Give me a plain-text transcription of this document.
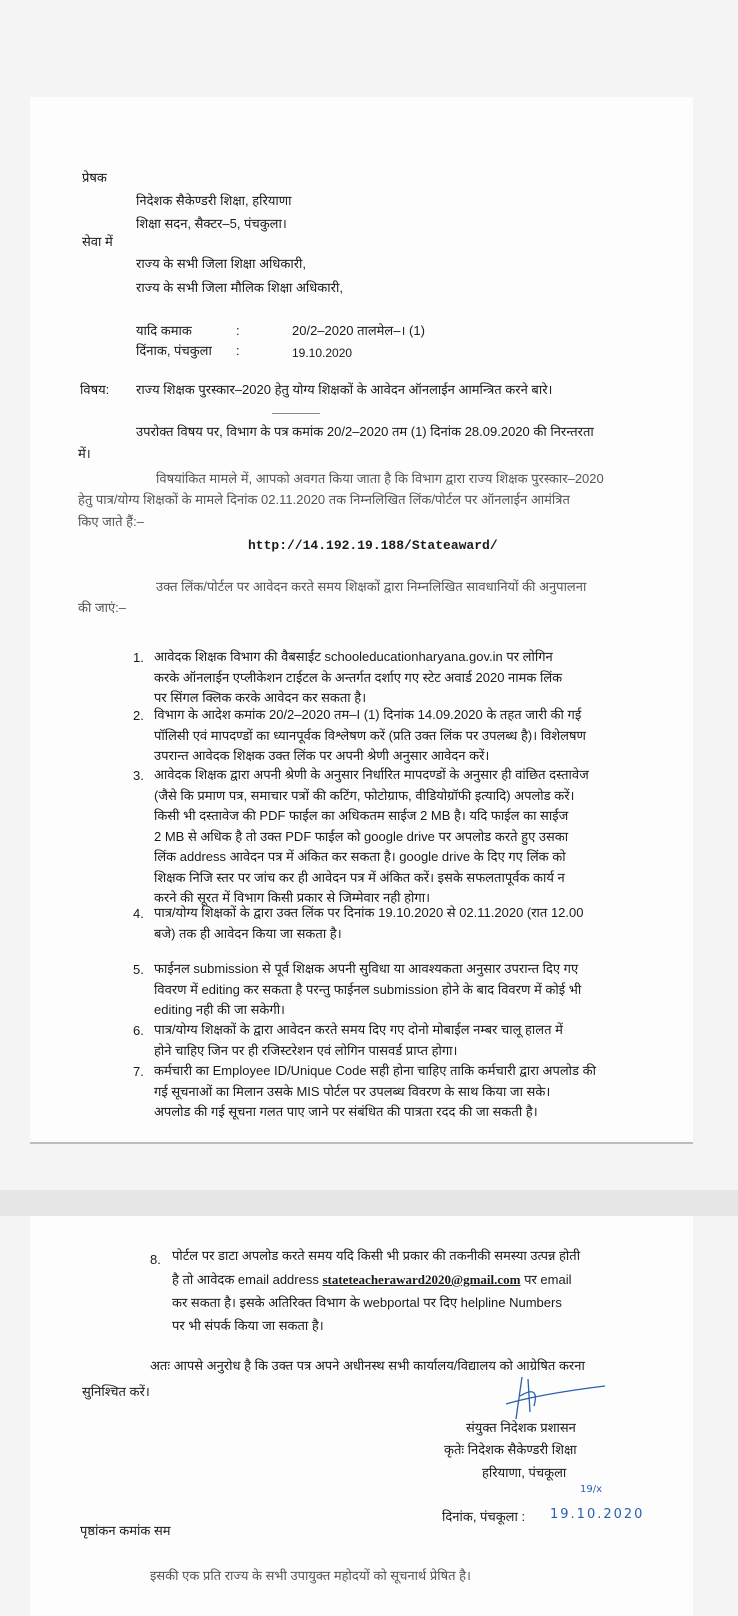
प्रेषक
निदेशक सैकेण्डरी शिक्षा, हरियाणा
शिक्षा सदन, सैक्टर–5, पंचकुला।
सेवा में
राज्य के सभी जिला शिक्षा अधिकारी,
राज्य के सभी जिला मौलिक शिक्षा अधिकारी,
यादि कमाक	:	20/2–2020 तालमेल–। (1)
दिंनाक, पंचकुला :	19.10.2020
विषय: राज्य शिक्षक पुरस्कार–2020 हेतु योग्य शिक्षकों के आवेदन ऑनलाईन आमन्त्रित करने बारे।
उपरोक्त विषय पर, विभाग के पत्र कमांक 20/2–2020 तम (1) दिनांक 28.09.2020 की निरन्तरता
में।
विषयांकित मामले में, आपको अवगत किया जाता है कि विभाग द्वारा राज्य शिक्षक पुरस्कार–2020
हेतु पात्र/योग्य शिक्षकों के मामले दिनांक 02.11.2020 तक निम्नलिखित लिंक/पोर्टल पर ऑनलाईन आमंत्रित
किए जाते हैं:–
http://14.192.19.188/Stateaward/
उक्त लिंक/पोर्टल पर आवेदन करते समय शिक्षकों द्वारा निम्नलिखित सावधानियों की अनुपालना
की जाएं:–
1. आवेदक शिक्षक विभाग की वैबसाईट schooleducationharyana.gov.in पर लोगिन
करके ऑनलाईन एप्लीकेशन टाईटल के अन्तर्गत दर्शाए गए स्टेट अवार्ड 2020 नामक लिंक
पर सिंगल क्लिक करके आवेदन कर सकता है।
2. विभाग के आदेश कमांक 20/2–2020 तम–I (1) दिनांक 14.09.2020 के तहत जारी की गई
पॉलिसी एवं मापदण्डों का ध्यानपूर्वक विश्लेषण करें (प्रति उक्त लिंक पर उपलब्ध है)। विशेलषण
उपरान्त आवेदक शिक्षक उक्त लिंक पर अपनी श्रेणी अनुसार आवेदन करें।
3. आवेदक शिक्षक द्वारा अपनी श्रेणी के अनुसार निर्धारित मापदण्डों के अनुसार ही वांछित दस्तावेज
(जैसे कि प्रमाण पत्र, समाचार पत्रों की कटिंग, फोटोग्राफ, वीडियोग्रॉफी इत्यादि) अपलोड करें।
किसी भी दस्तावेज की PDF फाईल का अधिकतम साईज 2 MB है। यदि फाईल का साईज
2 MB से अधिक है तो उक्त PDF फाईल को google drive पर अपलोड करते हुए उसका
लिंक address आवेदन पत्र में अंकित कर सकता है। google drive के दिए गए लिंक को
शिक्षक निजि स्तर पर जांच कर ही आवेदन पत्र में अंकित करें। इसके सफलतापूर्वक कार्य न
करने की सूरत में विभाग किसी प्रकार से जिम्मेवार नही होगा।
4. पात्र/योग्य शिक्षकों के द्वारा उक्त लिंक पर दिनांक 19.10.2020 से 02.11.2020 (रात 12.00
बजे) तक ही आवेदन किया जा सकता है।
5. फाईनल submission से पूर्व शिक्षक अपनी सुविधा या आवश्यकता अनुसार उपरान्त दिए गए
विवरण में editing कर सकता है परन्तु फाईनल submission होने के बाद विवरण में कोई भी
editing नही की जा सकेगी।
6. पात्र/योग्य शिक्षकों के द्वारा आवेदन करते समय दिए गए दोनो मोबाईल नम्बर चालू हालत में
होने चाहिए जिन पर ही रजिस्टरेशन एवं लोगिन पासवर्ड प्राप्त होगा।
7. कर्मचारी का Employee ID/Unique Code सही होना चाहिए ताकि कर्मचारी द्वारा अपलोड की
गई सूचनाओं का मिलान उसके MIS पोर्टल पर उपलब्ध विवरण के साथ किया जा सके।
अपलोड की गई सूचना गलत पाए जाने पर संबंधित की पात्रता रदद की जा सकती है।
8. पोर्टल पर डाटा अपलोड करते समय यदि किसी भी प्रकार की तकनीकी समस्या उत्पन्न होती
है तो आवेदक email address stateteacheraward2020@gmail.com पर email
कर सकता है। इसके अतिरिक्त विभाग के webportal पर दिए helpline Numbers
पर भी संपर्क किया जा सकता है।
अतः आपसे अनुरोध है कि उक्त पत्र अपने अधीनस्थ सभी कार्यालय/विद्यालय को आग्रेषित करना
सुनिश्चित करें।
संयुक्त निदेशक प्रशासन
कृतेः निदेशक सैकेण्डरी शिक्षा
हरियाणा, पंचकूला
19/x
दिनांक, पंचकूला : 19.10.2020
पृष्ठांकन कमांक सम
इसकी एक प्रति राज्य के सभी उपायुक्त महोदयों को सूचनार्थ प्रेषित है।
